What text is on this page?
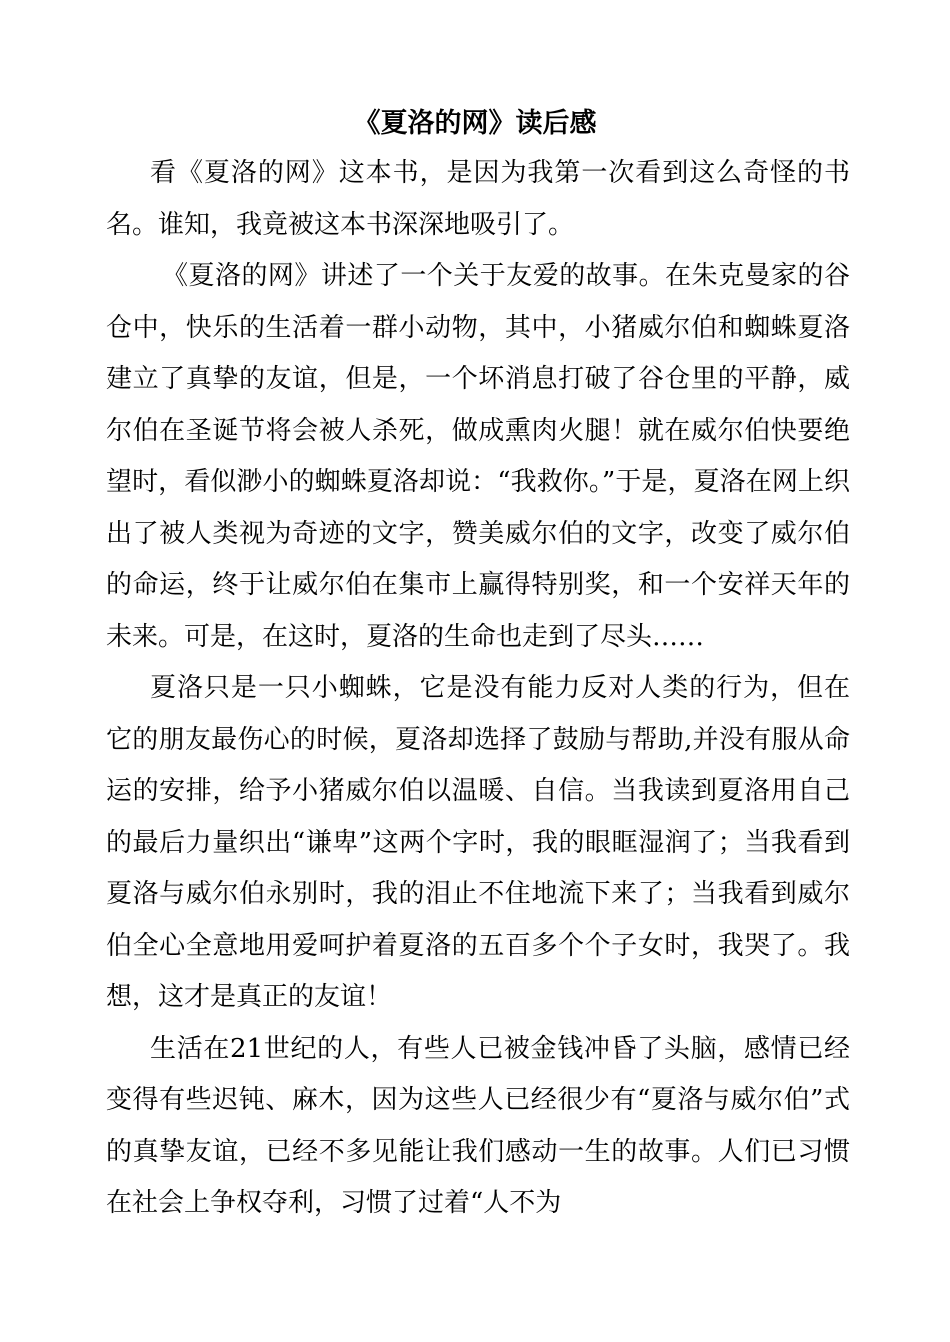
《夏洛的网》读后感

看《夏洛的网》这本书，是因为我第一次看到这么奇怪的书名。谁知，我竟被这本书深深地吸引了。

《夏洛的网》讲述了一个关于友爱的故事。在朱克曼家的谷仓中，快乐的生活着一群小动物，其中，小猪威尔伯和蜘蛛夏洛建立了真挚的友谊，但是，一个坏消息打破了谷仓里的平静，威尔伯在圣诞节将会被人杀死，做成熏肉火腿！就在威尔伯快要绝望时，看似渺小的蜘蛛夏洛却说：“我救你。”于是，夏洛在网上织出了被人类视为奇迹的文字，赞美威尔伯的文字，改变了威尔伯的命运，终于让威尔伯在集市上赢得特别奖，和一个安祥天年的未来。可是，在这时，夏洛的生命也走到了尽头……

夏洛只是一只小蜘蛛，它是没有能力反对人类的行为，但在它的朋友最伤心的时候，夏洛却选择了鼓励与帮助,并没有服从命运的安排，给予小猪威尔伯以温暖、自信。当我读到夏洛用自己的最后力量织出“谦卑”这两个字时，我的眼眶湿润了；当我看到夏洛与威尔伯永别时，我的泪止不住地流下来了；当我看到威尔伯全心全意地用爱呵护着夏洛的五百多个个子女时，我哭了。我想，这才是真正的友谊！

生活在21世纪的人，有些人已被金钱冲昏了头脑，感情已经变得有些迟钝、麻木，因为这些人已经很少有“夏洛与威尔伯”式的真挚友谊，已经不多见能让我们感动一生的故事。人们已习惯在社会上争权夺利，习惯了过着“人不为
